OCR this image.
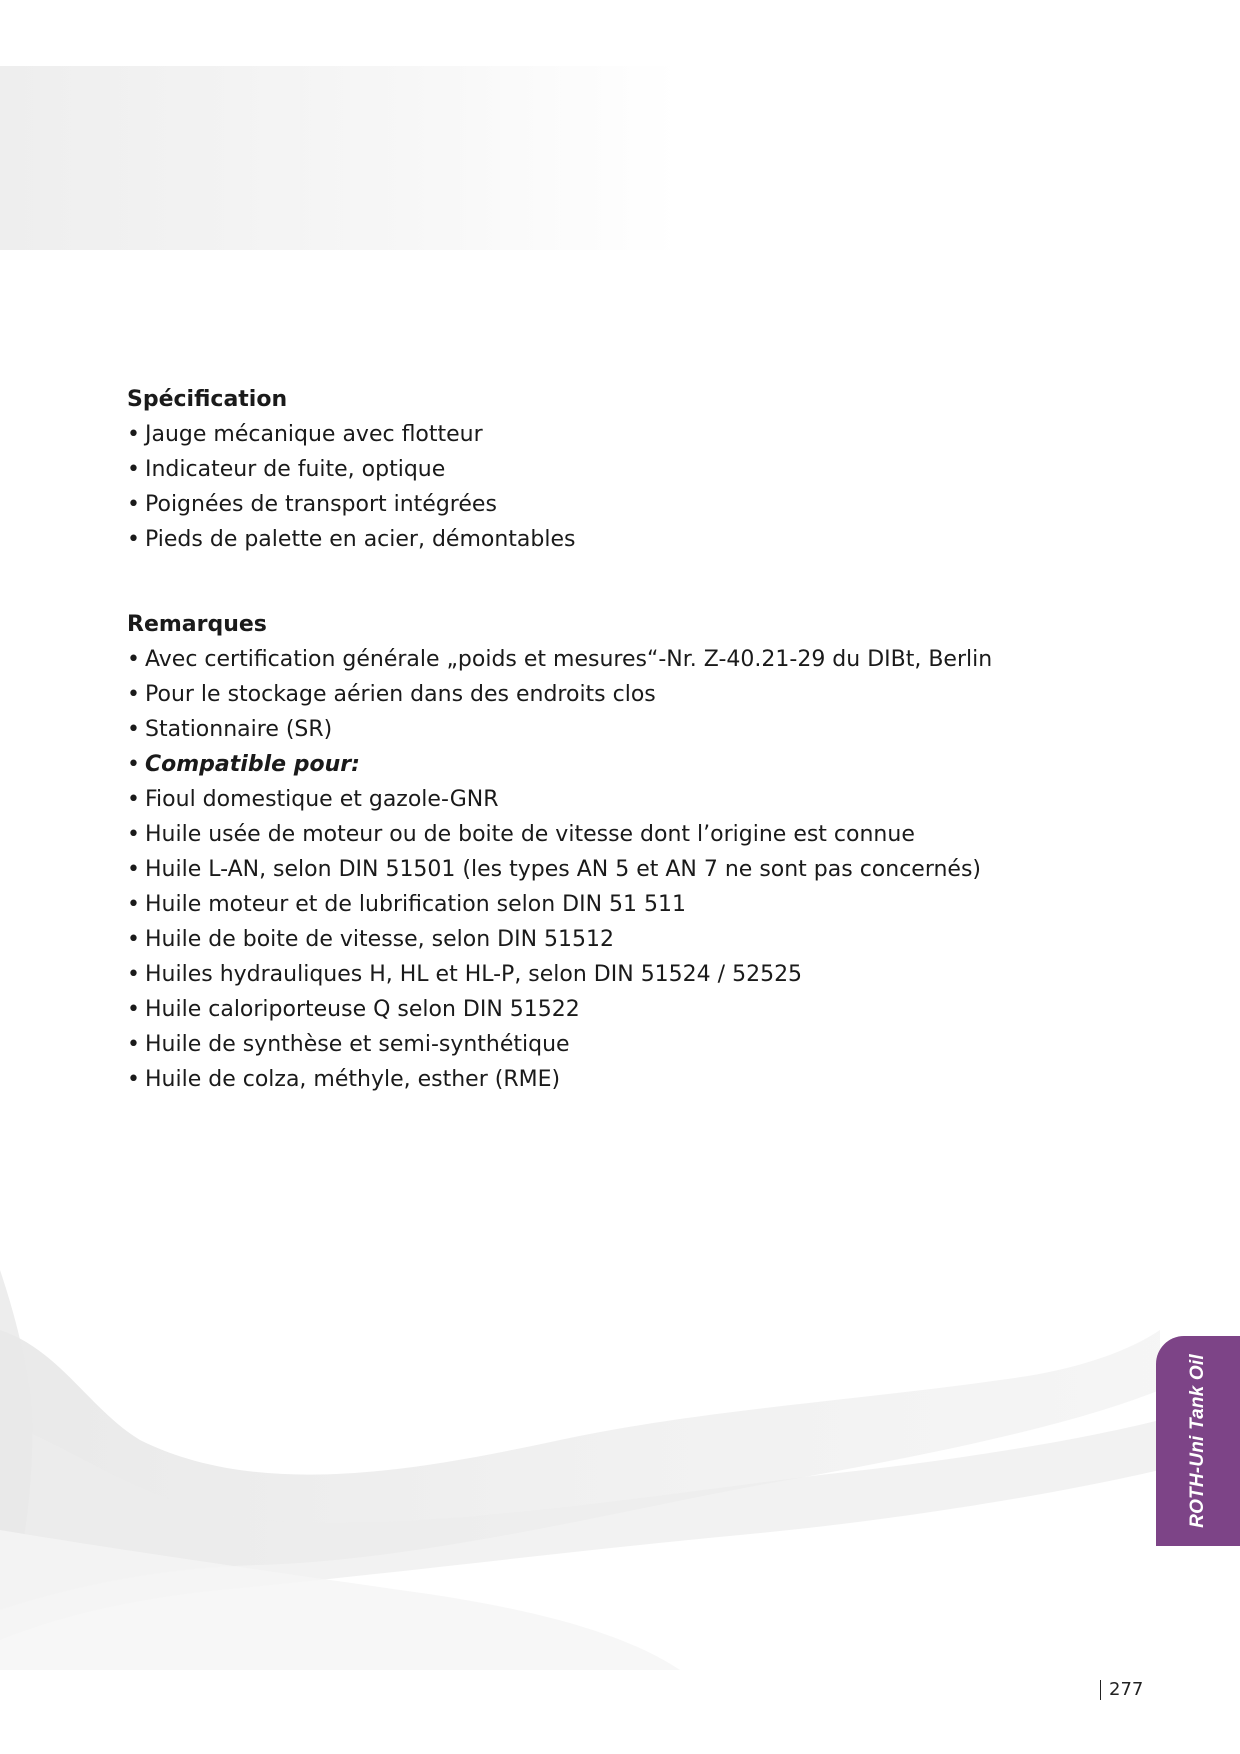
Spécification
• Jauge mécanique avec flotteur
• Indicateur de fuite, optique
• Poignées de transport intégrées
• Pieds de palette en acier, démontables
Remarques
• Avec certification générale „poids et mesures“-Nr. Z-40.21-29 du DIBt, Berlin
• Pour le stockage aérien dans des endroits clos
• Stationnaire (SR)
• Compatible pour:
• Fioul domestique et gazole-GNR
• Huile usée de moteur ou de boite de vitesse dont l’origine est connue
• Huile L-AN, selon DIN 51501 (les types AN 5 et AN 7 ne sont pas concernés)
• Huile moteur et de lubrification selon DIN 51 511
• Huile de boite de vitesse, selon DIN 51512
• Huiles hydrauliques H, HL et HL-P, selon DIN 51524 / 52525
• Huile caloriporteuse Q selon DIN 51522
• Huile de synthèse et semi-synthétique
• Huile de colza, méthyle, esther (RME)
ROTH-Uni Tank Oil
277
